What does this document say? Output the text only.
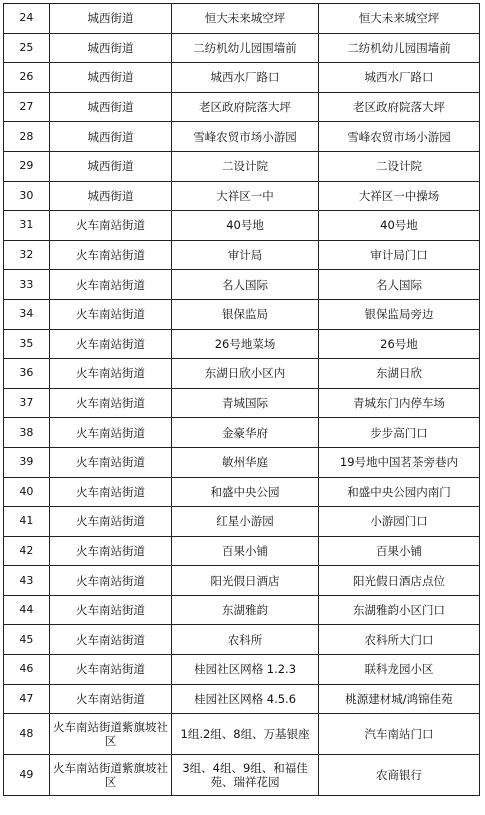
24	城西街道	恒大未来城空坪	恒大未来城空坪
25	城西街道	二纺机幼儿园围墙前	二纺机幼儿园围墙前
26	城西街道	城西水厂路口	城西水厂路口
27	城西街道	老区政府院落大坪	老区政府院落大坪
28	城西街道	雪峰农贸市场小游园	雪峰农贸市场小游园
29	城西街道	二设计院	二设计院
30	城西街道	大祥区一中	大祥区一中操场
31	火车南站街道	40号地	40号地
32	火车南站街道	审计局	审计局门口
33	火车南站街道	名人国际	名人国际
34	火车南站街道	银保监局	银保监局旁边
35	火车南站街道	26号地菜场	26号地
36	火车南站街道	东湖日欣小区内	东湖日欣
37	火车南站街道	青城国际	青城东门内停车场
38	火车南站街道	金豪华府	步步高门口
39	火车南站街道	敏州华庭	19号地中国茗茶旁巷内
40	火车南站街道	和盛中央公园	和盛中央公园内南门
41	火车南站街道	红星小游园	小游园门口
42	火车南站街道	百果小铺	百果小铺
43	火车南站街道	阳光假日酒店	阳光假日酒店点位
44	火车南站街道	东湖雅韵	东湖雅韵小区门口
45	火车南站街道	农科所	农科所大门口
46	火车南站街道	桂园社区网格 1.2.3	联科龙园小区
47	火车南站街道	桂园社区网格 4.5.6	桃源建材城/鸿锦佳苑
48	火车南站街道紫旗坡社区	1组.2组、8组、万基银座	汽车南站门口
49	火车南站街道紫旗坡社区	3组、4组、9组、和福佳苑、瑞祥花园	农商银行
